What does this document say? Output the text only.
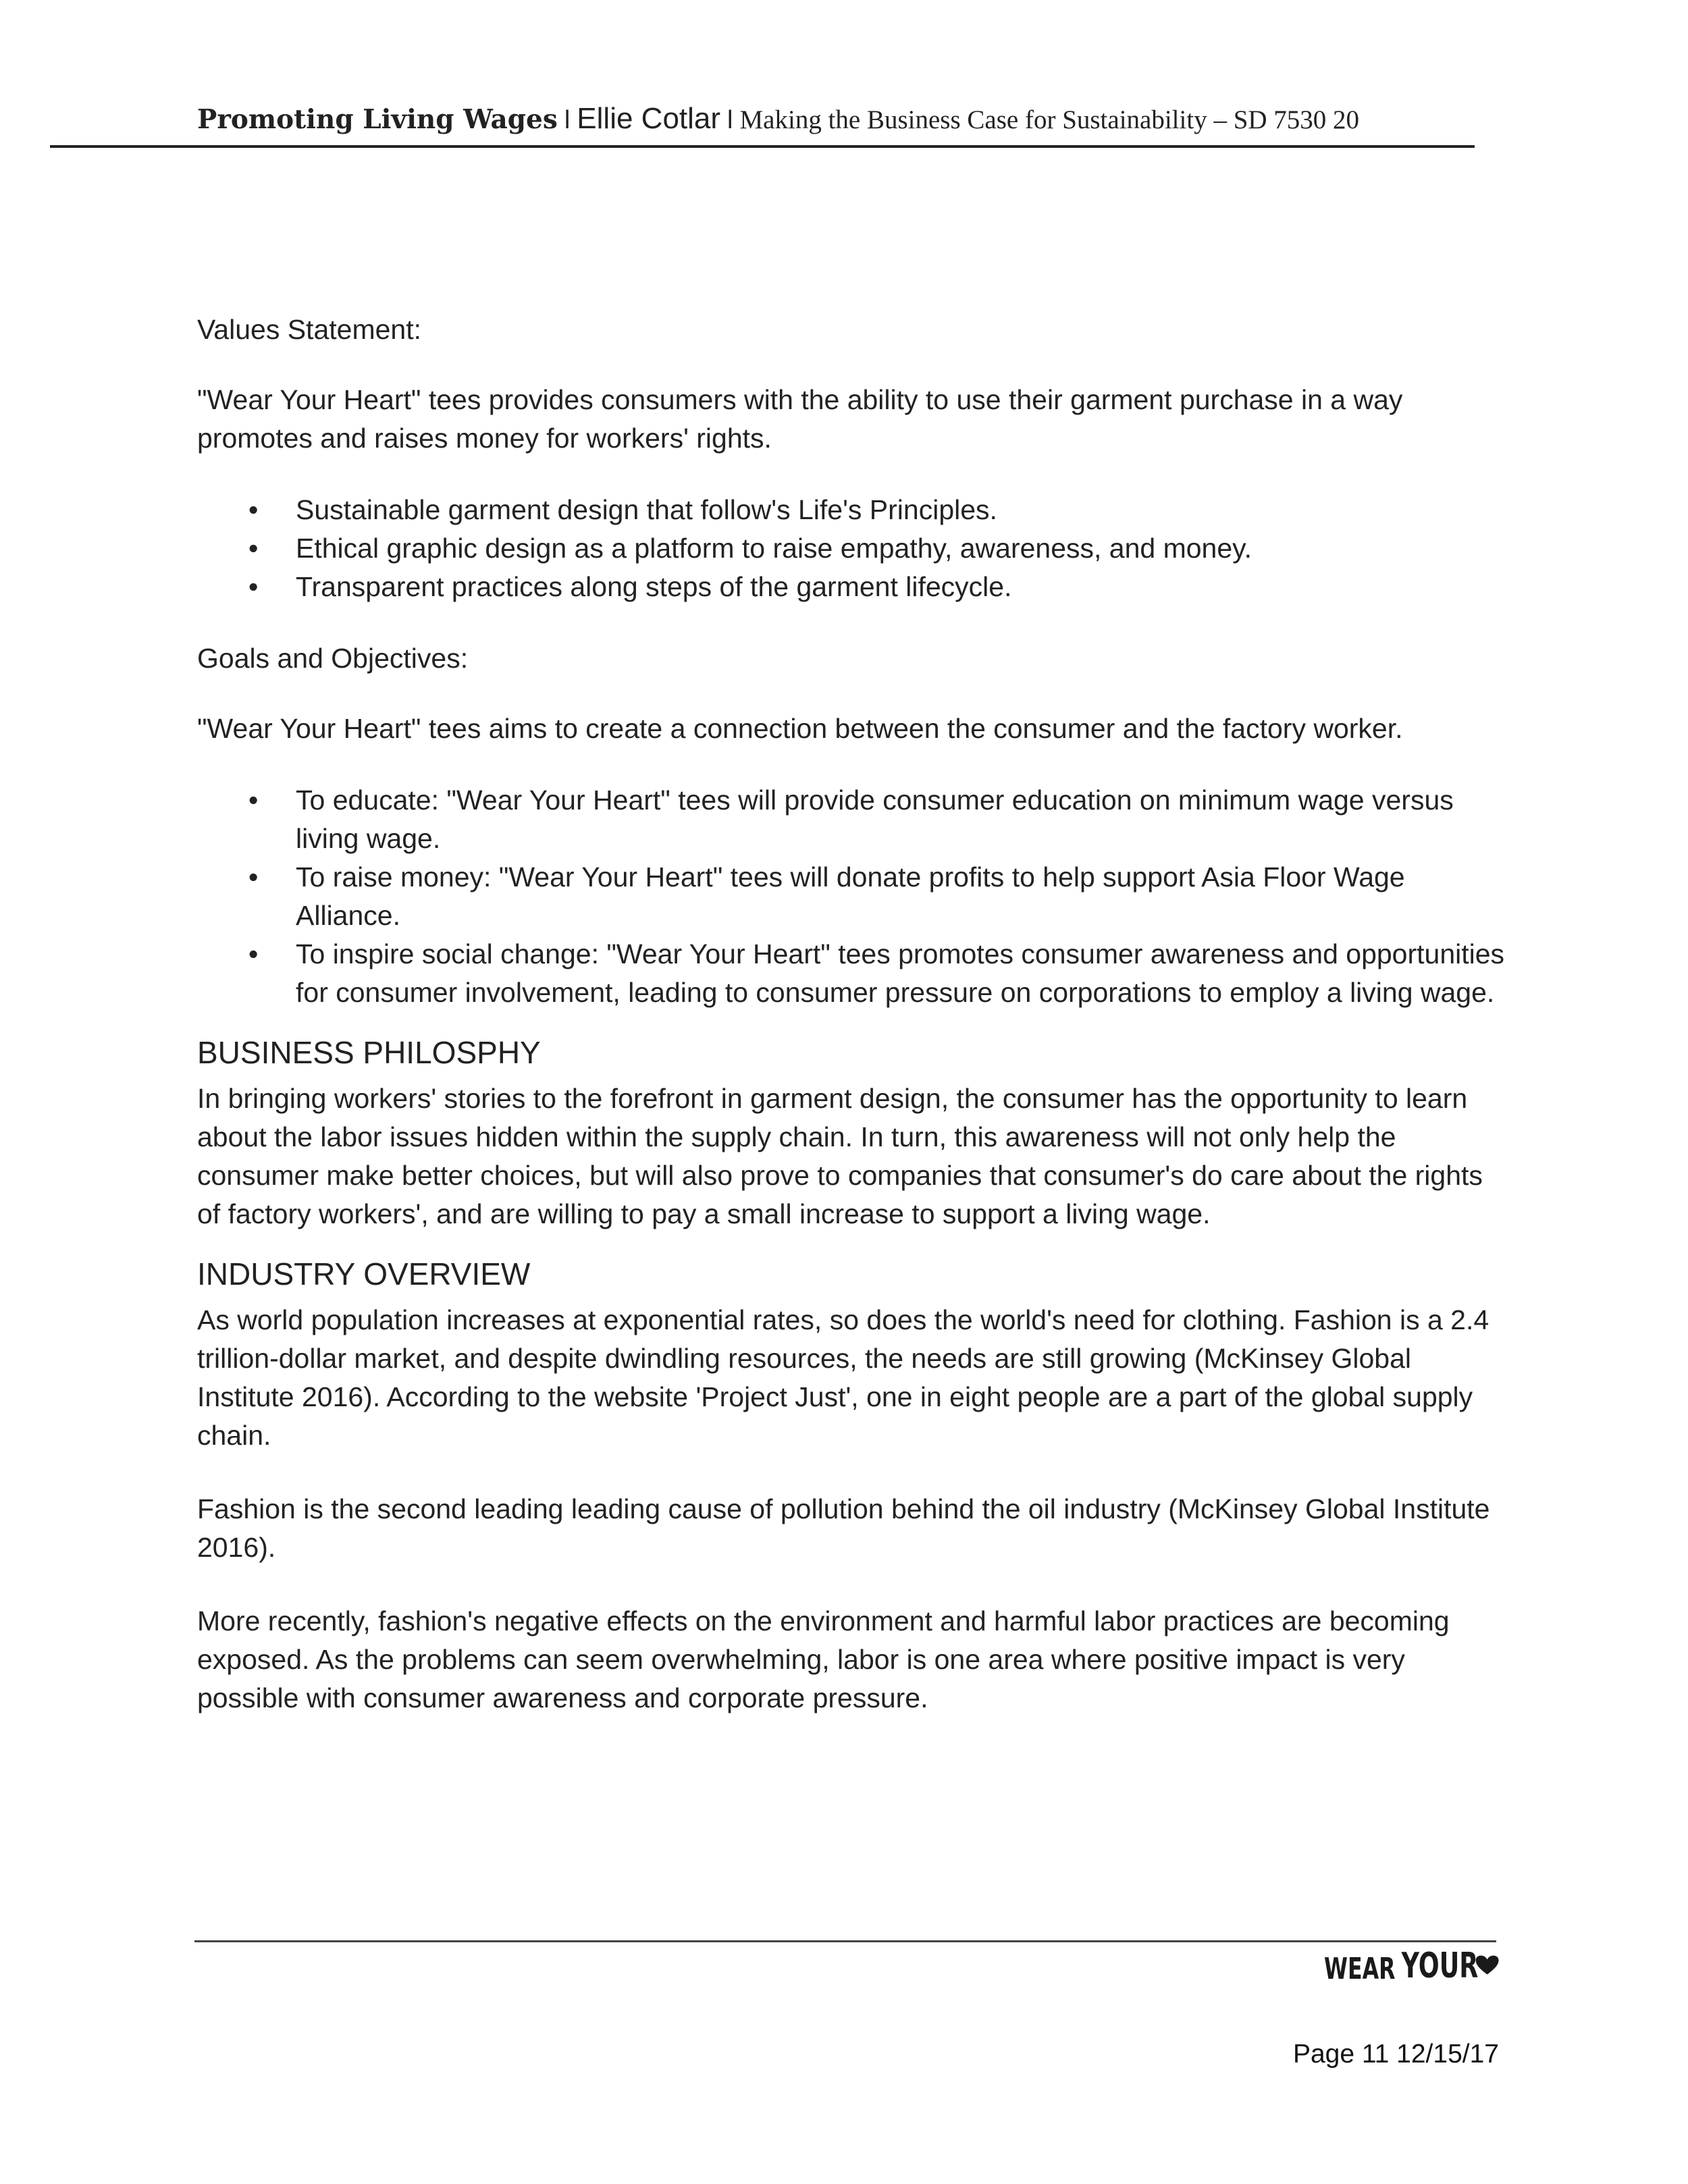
Promoting Living Wages l Ellie Cotlar l Making the Business Case for Sustainability – SD 7530 20

Values Statement:

"Wear Your Heart" tees provides consumers with the ability to use their garment purchase in a way promotes and raises money for workers' rights.

• Sustainable garment design that follow's Life's Principles.
• Ethical graphic design as a platform to raise empathy, awareness, and money.
• Transparent practices along steps of the garment lifecycle.

Goals and Objectives:

"Wear Your Heart" tees aims to create a connection between the consumer and the factory worker.

• To educate: "Wear Your Heart" tees will provide consumer education on minimum wage versus living wage.
• To raise money: "Wear Your Heart" tees will donate profits to help support Asia Floor Wage Alliance.
• To inspire social change: "Wear Your Heart" tees promotes consumer awareness and opportunities for consumer involvement, leading to consumer pressure on corporations to employ a living wage.

BUSINESS PHILOSPHY

In bringing workers' stories to the forefront in garment design, the consumer has the opportunity to learn about the labor issues hidden within the supply chain. In turn, this awareness will not only help the consumer make better choices, but will also prove to companies that consumer's do care about the rights of factory workers', and are willing to pay a small increase to support a living wage.

INDUSTRY OVERVIEW

As world population increases at exponential rates, so does the world's need for clothing. Fashion is a 2.4 trillion-dollar market, and despite dwindling resources, the needs are still growing (McKinsey Global Institute 2016). According to the website 'Project Just', one in eight people are a part of the global supply chain.

Fashion is the second leading leading cause of pollution behind the oil industry (McKinsey Global Institute 2016).

More recently, fashion's negative effects on the environment and harmful labor practices are becoming exposed. As the problems can seem overwhelming, labor is one area where positive impact is very possible with consumer awareness and corporate pressure.

WEAR YOUR
Page 11 12/15/17
